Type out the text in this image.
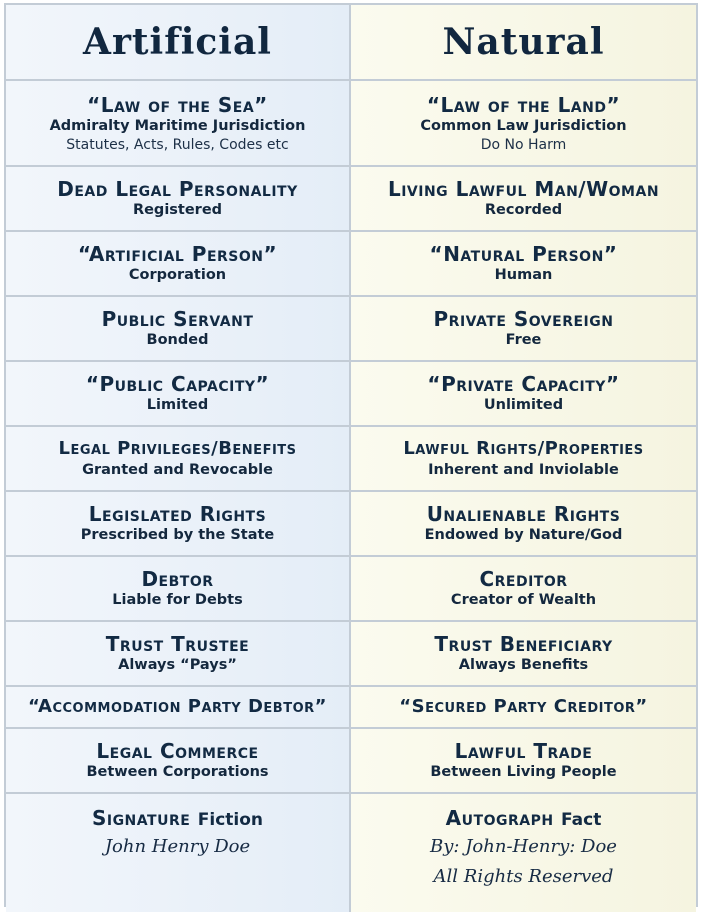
Artificial	Natural
“Law of the Sea”
Admiralty Maritime Jurisdiction
Statutes, Acts, Rules, Codes etc
“Law of the Land”
Common Law Jurisdiction
Do No Harm
Dead Legal Personality
Registered
Living Lawful Man/Woman
Recorded
“Artificial Person”
Corporation
“Natural Person”
Human
Public Servant
Bonded
Private Sovereign
Free
“Public Capacity”
Limited
“Private Capacity”
Unlimited
Legal Privileges/Benefits
Granted and Revocable
Lawful Rights/Properties
Inherent and Inviolable
Legislated Rights
Prescribed by the State
Unalienable Rights
Endowed by Nature/God
Debtor
Liable for Debts
Creditor
Creator of Wealth
Trust Trustee
Always “Pays”
Trust Beneficiary
Always Benefits
“Accommodation Party Debtor”	“Secured Party Creditor”
Legal Commerce
Between Corporations
Lawful Trade
Between Living People
Signature Fiction
John Henry Doe
Autograph Fact
By: John-Henry: Doe
All Rights Reserved
